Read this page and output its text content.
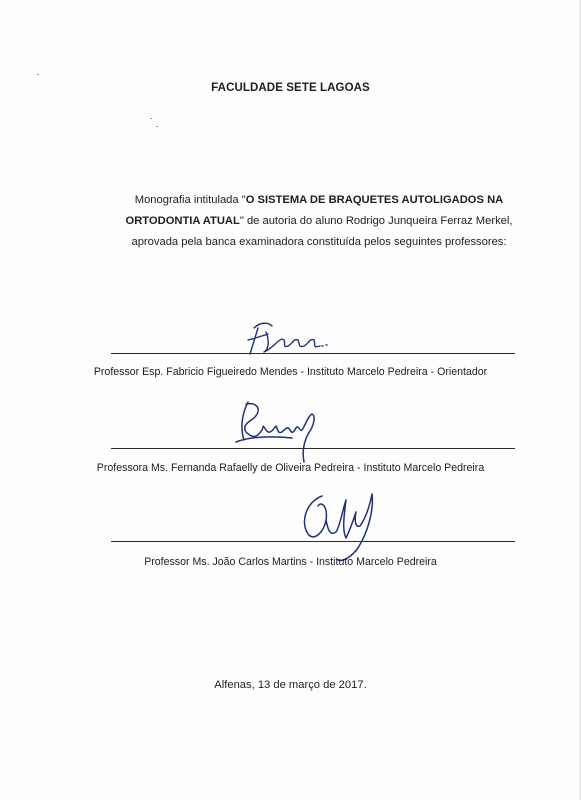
FACULDADE SETE LAGOAS
Monografia intitulada "O SISTEMA DE BRAQUETES AUTOLIGADOS NA
ORTODONTIA ATUAL" de autoria do aluno Rodrigo Junqueira Ferraz Merkel,
aprovada pela banca examinadora constituída pelos seguintes professores:
Professor Esp. Fabricio Figueiredo Mendes - Instituto Marcelo Pedreira - Orientador
Professora Ms. Fernanda Rafaelly de Oliveira Pedreira - Instituto Marcelo Pedreira
Professor Ms. João Carlos Martins - Instituto Marcelo Pedreira
Alfenas, 13 de março de 2017.
